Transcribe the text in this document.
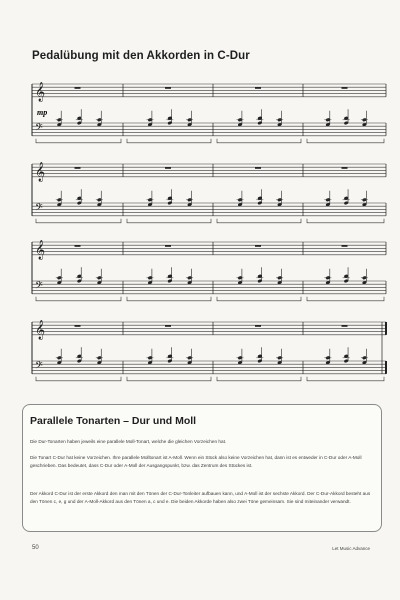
Pedalübung mit den Akkorden in C-Dur
𝄞
𝄢
𝄞
𝄢
𝄞
𝄢
𝄞
𝄢
mp
Parallele Tonarten – Dur und Moll
Die Dur-Tonarten haben jeweils eine parallele Moll-Tonart, welche die gleichen Vorzeichen hat.
Die Tonart C-Dur hat keine Vorzeichen. Ihre parallele Molltonart ist A-Moll. Wenn ein Stück also keine Vorzeichen hat, dann ist es entweder in C-Dur oder A-Moll geschrieben. Das bedeutet, dass C-Dur oder A-Moll der Ausgangspunkt, bzw. das Zentrum des Stückes ist.
Der Akkord C-Dur ist der erste Akkord den man mit den Tönen der C-Dur-Tonleiter aufbauen kann, und A-Moll ist der sechste Akkord. Der C-Dur-Akkord besteht aus den Tönen c, e, g und der A-Moll-Akkord aus den Tönen a, c und e. Die beiden Akkorde haben also zwei Töne gemeinsam. Sie sind miteinander verwandt.
50	Let Music Advance
